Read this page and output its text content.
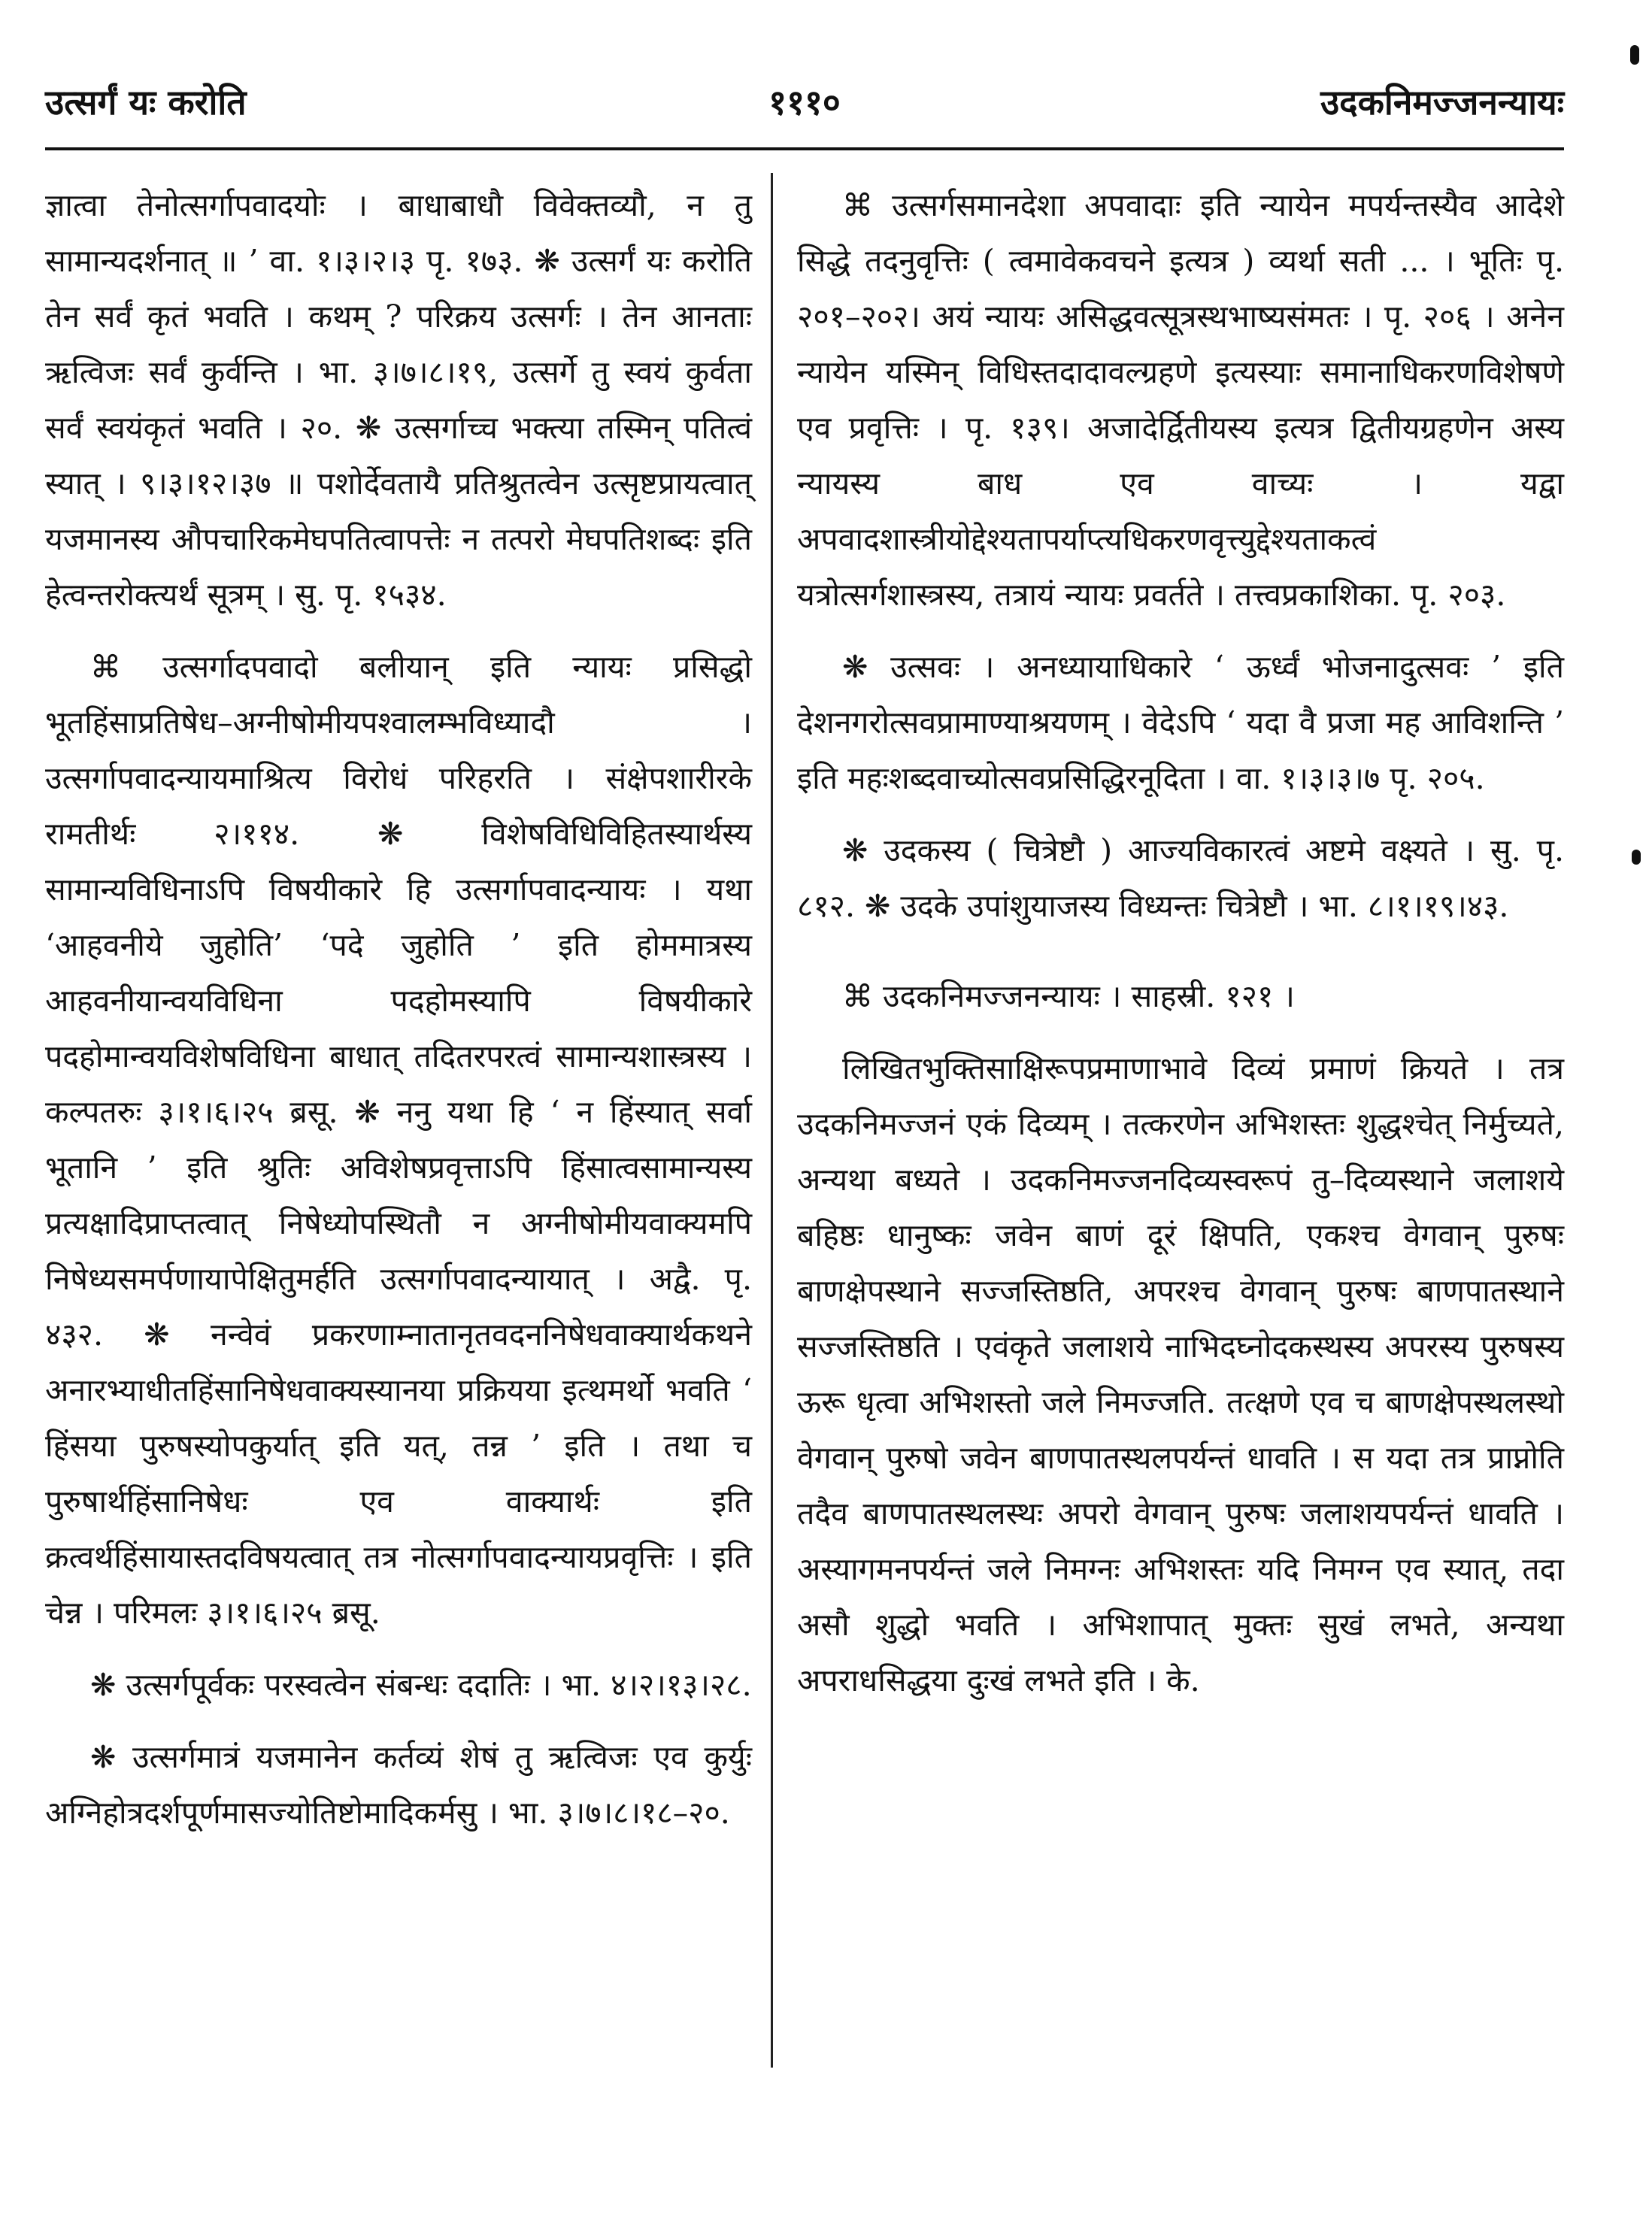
१११०
उत्सर्गं यः करोति	उदकनिमज्जनन्यायः

ज्ञात्वा तेनोत्सर्गापवादयोः । बाधाबाधौ विवेक्तव्यौ, न तु सामान्यदर्शनात् ॥ ’ वा. १।३।२।३ पृ. १७३. ❋ उत्सर्गं यः करोति तेन सर्वं कृतं भवति । कथम् ? परिक्रय उत्सर्गः । तेन आनताः ऋत्विजः सर्वं कुर्वन्ति । भा. ३।७।८।१९, उत्सर्गे तु स्वयं कुर्वता सर्वं स्वयंकृतं भवति । २०. ❋ उत्सर्गाच्च भक्त्या तस्मिन् पतित्वं स्यात् । ९।३।१२।३७ ॥ पशोर्देवतायै प्रतिश्रुतत्वेन उत्सृष्टप्रायत्वात् यजमानस्य औपचारिकमेघपतित्वापत्तेः न तत्परो मेघपतिशब्दः इति हेत्वन्तरोक्त्यर्थं सूत्रम् । सु. पृ. १५३४.

⌘ उत्सर्गादपवादो बलीयान् इति न्यायः प्रसिद्धो भूतहिंसाप्रतिषेध–अग्नीषोमीयपश्वालम्भविध्यादौ । उत्सर्गापवादन्यायमाश्रित्य विरोधं परिहरति । संक्षेपशारीरके रामतीर्थः २।११४. ❋ विशेषविधिविहितस्यार्थस्य सामान्यविधिनाऽपि विषयीकारे हि उत्सर्गापवादन्यायः । यथा ‘आहवनीये जुहोति’ ‘पदे जुहोति ’ इति होममात्रस्य आहवनीयान्वयविधिना पदहोमस्यापि विषयीकारे पदहोमान्वयविशेषविधिना बाधात् तदितरपरत्वं सामान्यशास्त्रस्य । कल्पतरुः ३।१।६।२५ ब्रसू. ❋ ननु यथा हि ‘ न हिंस्यात् सर्वा भूतानि ’ इति श्रुतिः अविशेषप्रवृत्ताऽपि हिंसात्वसामान्यस्य प्रत्यक्षादिप्राप्तत्वात् निषेध्योपस्थितौ न अग्नीषोमीयवाक्यमपि निषेध्यसमर्पणायापेक्षितुमर्हति उत्सर्गापवादन्यायात् । अद्वै. पृ. ४३२. ❋ नन्वेवं प्रकरणाम्नातानृतवदननिषेधवाक्यार्थकथने अनारभ्याधीतहिंसानिषेधवाक्यस्यानया प्रक्रियया इत्थमर्थो भवति ‘ हिंसया पुरुषस्योपकुर्यात् इति यत्, तन्न ’ इति । तथा च पुरुषार्थहिंसानिषेधः एव वाक्यार्थः इति क्रत्वर्थहिंसायास्तदविषयत्वात् तत्र नोत्सर्गापवादन्यायप्रवृत्तिः । इति चेन्न । परिमलः ३।१।६।२५ ब्रसू.

❋ उत्सर्गपूर्वकः परस्वत्वेन संबन्धः ददातिः । भा. ४।२।१३।२८.

❋ उत्सर्गमात्रं यजमानेन कर्तव्यं शेषं तु ऋत्विजः एव कुर्युः अग्निहोत्रदर्शपूर्णमासज्योतिष्टोमादिकर्मसु । भा. ३।७।८।१८–२०.

⌘ उत्सर्गसमानदेशा अपवादाः इति न्यायेन मपर्यन्तस्यैव आदेशे सिद्धे तदनुवृत्तिः ( त्वमावेकवचने इत्यत्र ) व्यर्था सती ... । भूतिः पृ. २०१–२०२। अयं न्यायः असिद्धवत्सूत्रस्थभाष्यसंमतः । पृ. २०६ । अनेन न्यायेन यस्मिन् विधिस्तदादावल्ग्रहणे इत्यस्याः समानाधिकरणविशेषणे एव प्रवृत्तिः । पृ. १३९। अजादेर्द्वितीयस्य इत्यत्र द्वितीयग्रहणेन अस्य न्यायस्य बाध एव वाच्यः । यद्वा अपवादशास्त्रीयोद्देश्यतापर्याप्त्यधिकरणवृत्त्युद्देश्यताकत्वं यत्रोत्सर्गशास्त्रस्य, तत्रायं न्यायः प्रवर्तते । तत्त्वप्रकाशिका. पृ. २०३.

❋ उत्सवः । अनध्यायाधिकारे ‘ ऊर्ध्वं भोजनादुत्सवः ’ इति देशनगरोत्सवप्रामाण्याश्रयणम् । वेदेऽपि ‘ यदा वै प्रजा मह आविशन्ति ’ इति महःशब्दवाच्योत्सवप्रसिद्धिरनूदिता । वा. १।३।३।७ पृ. २०५.

❋ उदकस्य ( चित्रेष्टौ ) आज्यविकारत्वं अष्टमे वक्ष्यते । सु. पृ. ८१२. ❋ उदके उपांशुयाजस्य विध्यन्तः चित्रेष्टौ । भा. ८।१।१९।४३.

⌘ उदकनिमज्जनन्यायः । साहस्री. १२१ ।

लिखितभुक्तिसाक्षिरूपप्रमाणाभावे दिव्यं प्रमाणं क्रियते । तत्र उदकनिमज्जनं एकं दिव्यम् । तत्करणेन अभिशस्तः शुद्धश्चेत् निर्मुच्यते, अन्यथा बध्यते । उदकनिमज्जनदिव्यस्वरूपं तु–दिव्यस्थाने जलाशये बहिष्ठः धानुष्कः जवेन बाणं दूरं क्षिपति, एकश्च वेगवान् पुरुषः बाणक्षेपस्थाने सज्जस्तिष्ठति, अपरश्च वेगवान् पुरुषः बाणपातस्थाने सज्जस्तिष्ठति । एवंकृते जलाशये नाभिदघ्नोदकस्थस्य अपरस्य पुरुषस्य ऊरू धृत्वा अभिशस्तो जले निमज्जति. तत्क्षणे एव च बाणक्षेपस्थलस्थो वेगवान् पुरुषो जवेन बाणपातस्थलपर्यन्तं धावति । स यदा तत्र प्राप्नोति तदैव बाणपातस्थलस्थः अपरो वेगवान् पुरुषः जलाशयपर्यन्तं धावति । अस्यागमनपर्यन्तं जले निमग्नः अभिशस्तः यदि निमग्न एव स्यात्, तदा असौ शुद्धो भवति । अभिशापात् मुक्तः सुखं लभते, अन्यथा अपराधसिद्धया दुःखं लभते इति । के.
